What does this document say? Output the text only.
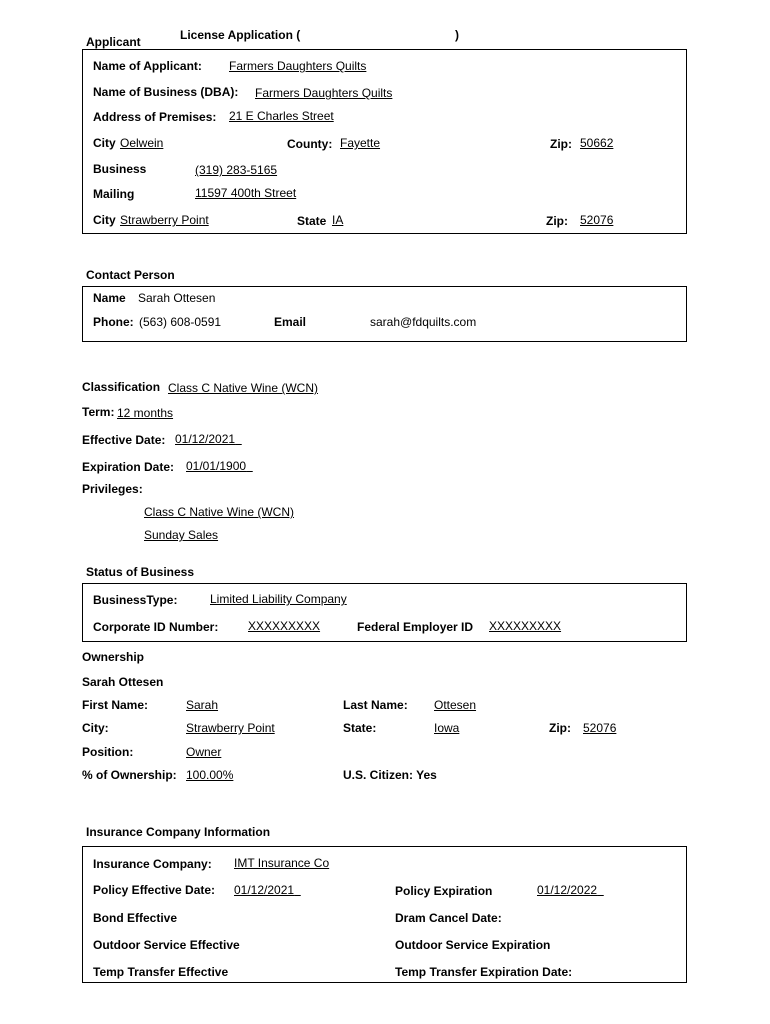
Applicant	License Application (	)
Name of Applicant: Farmers Daughters Quilts
Name of Business (DBA): Farmers Daughters Quilts
Address of Premises: 21 E Charles Street
City Oelwein	County: Fayette	Zip: 50662
Business	(319) 283-5165
Mailing	11597 400th Street
City Strawberry Point	State IA	Zip: 52076
Contact Person
Name Sarah Ottesen
Phone: (563) 608-0591	Email	sarah@fdquilts.com
Classification Class C Native Wine (WCN)
Term: 12 months
Effective Date: 01/12/2021
Expiration Date: 01/01/1900
Privileges:
Class C Native Wine (WCN)
Sunday Sales
Status of Business
BusinessType:	Limited Liability Company
Corporate ID Number: XXXXXXXXX	Federal Employer ID XXXXXXXXX
Ownership
Sarah Ottesen
First Name:	Sarah	Last Name: Ottesen
City:	Strawberry Point	State:	Iowa	Zip: 52076
Position:	Owner
% of Ownership: 100.00%	U.S. Citizen: Yes
Insurance Company Information
Insurance Company: IMT Insurance Co
Policy Effective Date: 01/12/2021	Policy Expiration	01/12/2022
Bond Effective	Dram Cancel Date:
Outdoor Service Effective	Outdoor Service Expiration
Temp Transfer Effective	Temp Transfer Expiration Date:
